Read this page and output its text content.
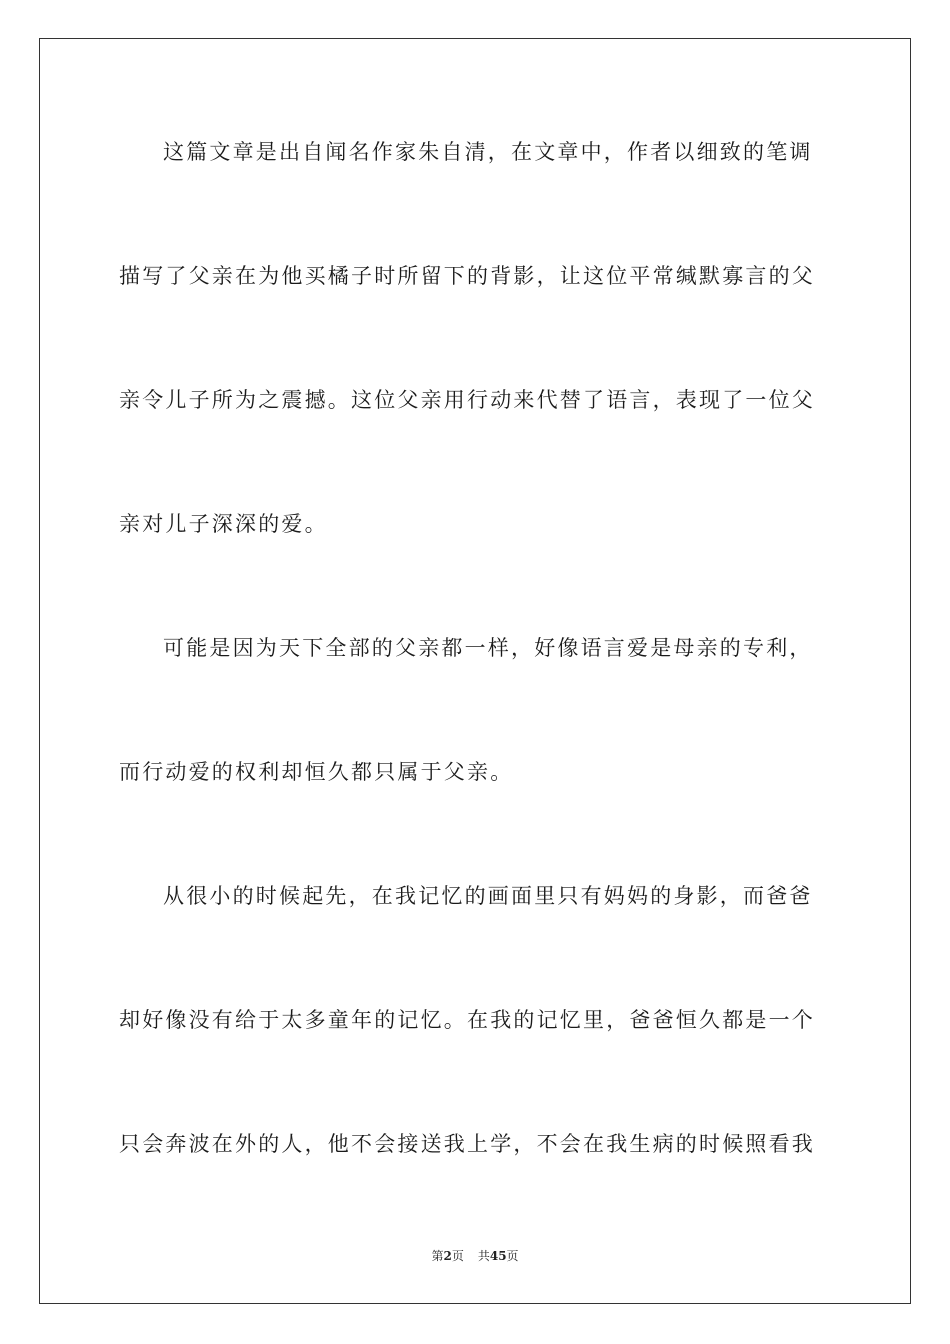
这篇文章是出自闻名作家朱自清，在文章中，作者以细致的笔调
描写了父亲在为他买橘子时所留下的背影，让这位平常缄默寡言的父
亲令儿子所为之震撼。这位父亲用行动来代替了语言，表现了一位父
亲对儿子深深的爱。
可能是因为天下全部的父亲都一样，好像语言爱是母亲的专利，
而行动爱的权利却恒久都只属于父亲。
从很小的时候起先，在我记忆的画面里只有妈妈的身影，而爸爸
却好像没有给于太多童年的记忆。在我的记忆里，爸爸恒久都是一个
只会奔波在外的人，他不会接送我上学，不会在我生病的时候照看我
第2页 共45页
